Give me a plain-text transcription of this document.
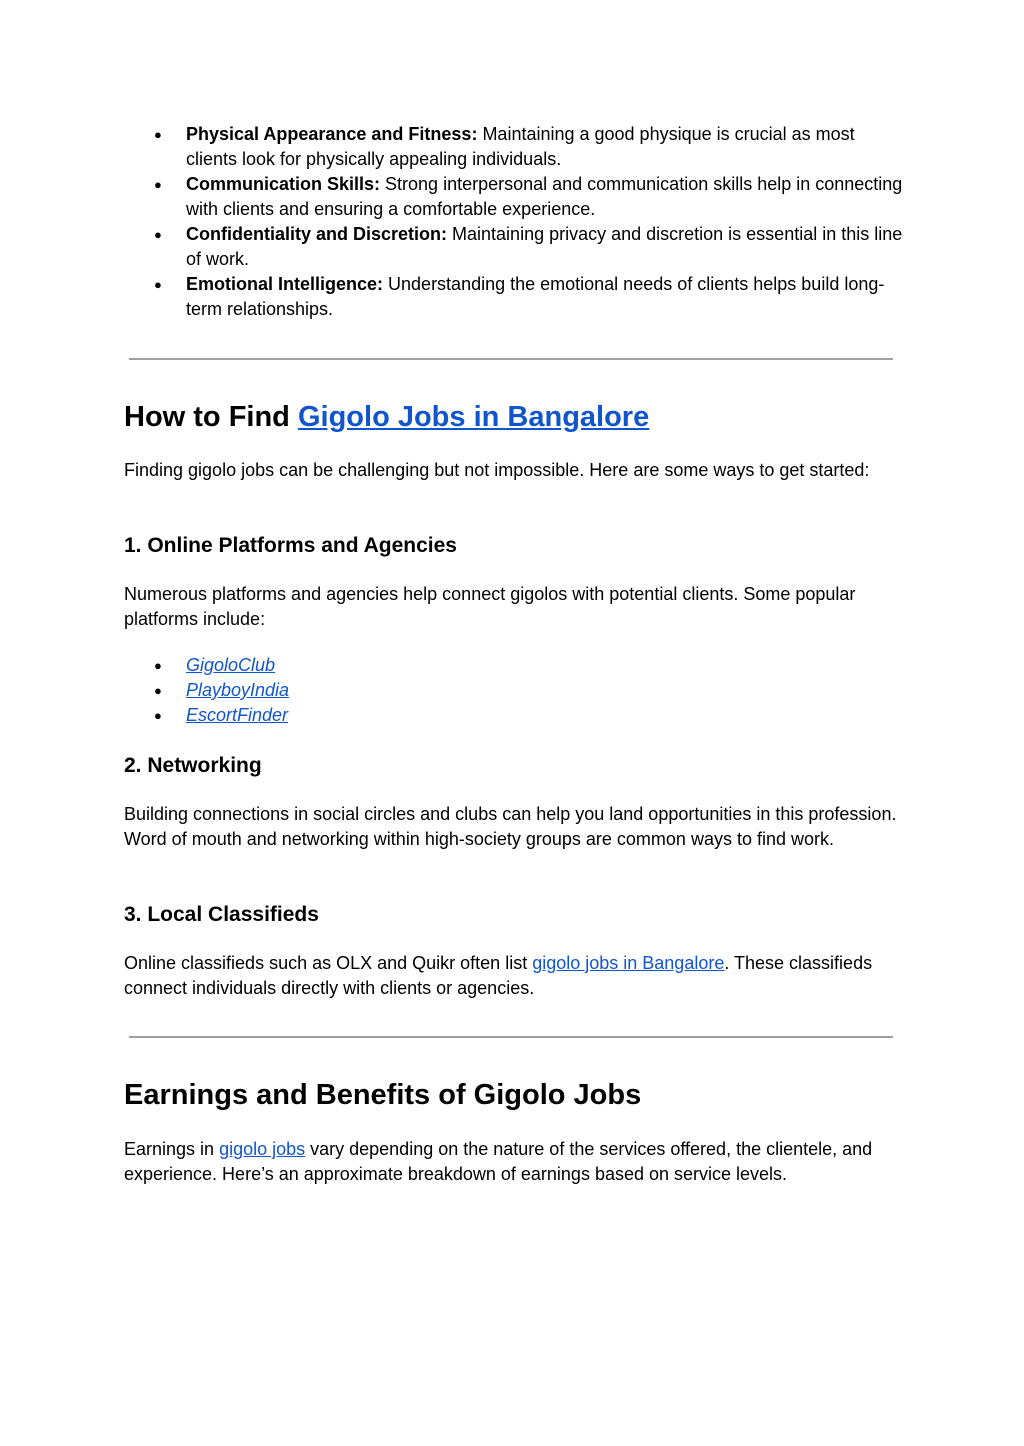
● Physical Appearance and Fitness: Maintaining a good physique is crucial as most clients look for physically appealing individuals.
● Communication Skills: Strong interpersonal and communication skills help in connecting with clients and ensuring a comfortable experience.
● Confidentiality and Discretion: Maintaining privacy and discretion is essential in this line of work.
● Emotional Intelligence: Understanding the emotional needs of clients helps build long-term relationships.
How to Find Gigolo Jobs in Bangalore

Finding gigolo jobs can be challenging but not impossible. Here are some ways to get started:

1. Online Platforms and Agencies

Numerous platforms and agencies help connect gigolos with potential clients. Some popular platforms include:

● GigoloClub
● PlayboyIndia
● EscortFinder
2. Networking

Building connections in social circles and clubs can help you land opportunities in this profession. Word of mouth and networking within high-society groups are common ways to find work.

3. Local Classifieds

Online classifieds such as OLX and Quikr often list gigolo jobs in Bangalore. These classifieds connect individuals directly with clients or agencies.

Earnings and Benefits of Gigolo Jobs

Earnings in gigolo jobs vary depending on the nature of the services offered, the clientele, and experience. Here’s an approximate breakdown of earnings based on service levels.
